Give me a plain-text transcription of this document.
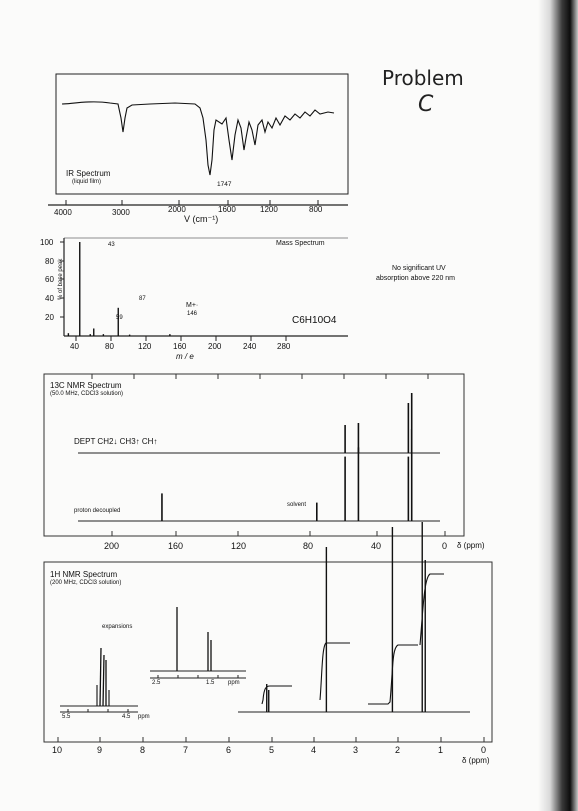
Problem
C
No significant UV
absorption above 220 nm
IR Spectrum
(liquid film)	1747
4000	3000	2000	1600	1200	800
V (cm⁻¹)
Mass Spectrum
100
80
60
40
20
% of base peak
43
87
59
M+·
146
C6H10O4
40	80	120	160	200	240	280
m / e
13C NMR Spectrum
(50.0 MHz, CDCl3 solution)
DEPT CH2↓ CH3↑ CH↑
proton decoupled
solvent
200	160	120	80	40	0 δ (ppm)
1H NMR Spectrum
(200 MHz, CDCl3 solution)
expansions
5.5	4.5 ppm
2.5	1.5 ppm
10	9	8	7	6	5	4	3	2	1	0
δ (ppm)
